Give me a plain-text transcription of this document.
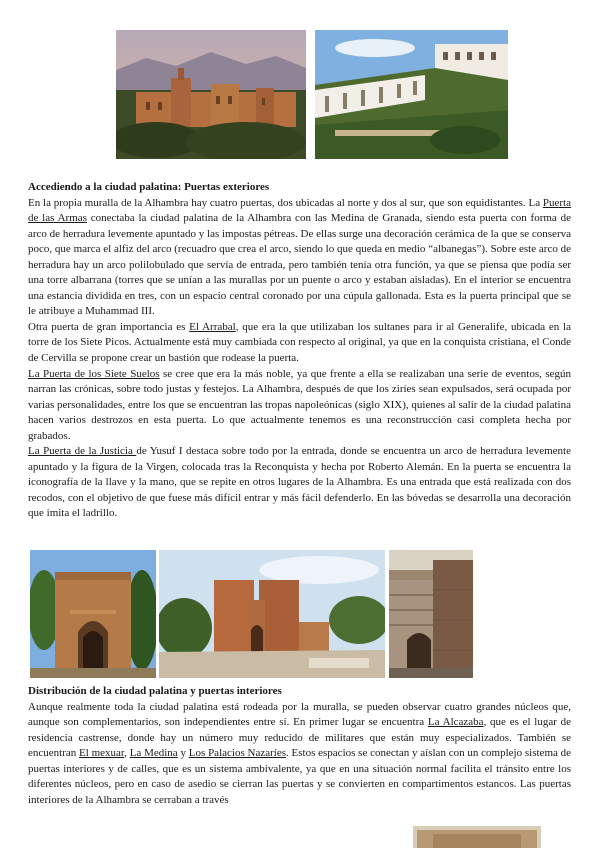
Accediendo a la ciudad palatina: Puertas exteriores

En la propia muralla de la Alhambra hay cuatro puertas, dos ubicadas al norte y dos al sur, que son equidistantes. La Puerta de las Armas conectaba la ciudad palatina de la Alhambra con las Medina de Granada, siendo esta puerta con forma de arco de herradura levemente apuntado y las impostas pétreas. De ellas surge una decoración cerámica de la que se conserva poco, que marca el alfiz del arco (recuadro que crea el arco, siendo lo que queda en medio “albanegas”). Sobre este arco de herradura hay un arco polilobulado que servía de entrada, pero también tenía otra función, ya que se piensa que podía ser una torre albarrana (torres que se unían a las murallas por un puente o arco y estaban aisladas). En el interior se encuentra una estancia dividida en tres, con un espacio central coronado por una cúpula gallonada. Esta es la puerta principal que se le atribuye a Muhammad III.

Otra puerta de gran importancia es El Arrabal, que era la que utilizaban los sultanes para ir al Generalife, ubicada en la torre de los Siete Picos. Actualmente está muy cambiada con respecto al original, ya que en la conquista cristiana, el Conde de Cervilla se propone crear un bastión que rodease la puerta.

La Puerta de los Siete Suelos se cree que era la más noble, ya que frente a ella se realizaban una serie de eventos, según narran las crónicas, sobre todo justas y festejos. La Alhambra, después de que los ziríes sean expulsados, será ocupada por varias personalidades, entre los que se encuentran las tropas napoleónicas (siglo XIX), quienes al salir de la ciudad palatina hacen varios destrozos en esta puerta. Lo que actualmente tenemos es una reconstrucción casi completa hecha por grabados.

La Puerta de la Justicia de Yusuf I destaca sobre todo por la entrada, donde se encuentra un arco de herradura levemente apuntado y la figura de la Virgen, colocada tras la Reconquista y hecha por Roberto Alemán. En la puerta se encuentra la iconografía de la llave y la mano, que se repite en otros lugares de la Alhambra. Es una entrada que está realizada con dos recodos, con el objetivo de que fuese más difícil entrar y más fácil defenderlo. En las bóvedas se desarrolla una decoración que imita el ladrillo.

Distribución de la ciudad palatina y puertas interiores

Aunque realmente toda la ciudad palatina está rodeada por la muralla, se pueden observar cuatro grandes núcleos que, aunque son complementarios, son independientes entre sí. En primer lugar se encuentra La Alcazaba, que es el lugar de residencia castrense, donde hay un número muy reducido de militares que están muy especializados. También se encuentran El mexuar, La Medina y Los Palacios Nazaríes. Estos espacios se conectan y aíslan con un complejo sistema de puertas interiores y de calles, que es un sistema ambivalente, ya que en una situación normal facilita el tránsito entre los diferentes núcleos, pero en caso de asedio se cierran las puertas y se convierten en compartimentos estancos. Las puertas interiores de la Alhambra se cerraban a través
